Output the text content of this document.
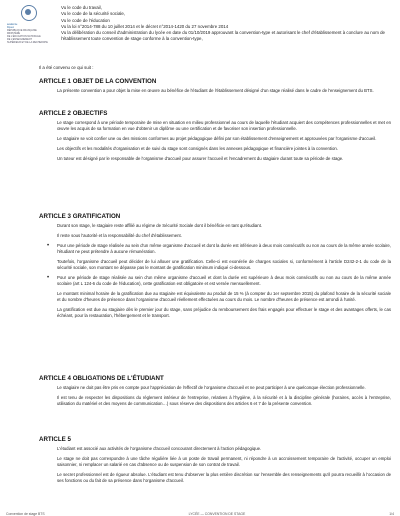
académie
Rouen
RÉPUBLIQUE FRANÇAISE
MINISTÈRE
DE L'ÉDUCATION NATIONALE
DE L'ENSEIGNEMENT
SUPÉRIEUR ET DE LA RECHERCHE

Vu le code du travail,

Vu le code de la sécurité sociale,

Vu le code de l'éducation

Vu la loi n°2014-788 du 10 juillet 2014 et le décret n°2014-1420 du 27 novembre 2014

Vu la délibération du conseil d'administration du lycée en date du 01/10/2019 approuvant la convention-type et autorisant le chef d'établissement à conclure au nom de l'établissement toute convention de stage conforme à la convention-type,

Il a été convenu ce qui suit :

ARTICLE 1 OBJET DE LA CONVENTION

La présente convention a pour objet la mise en œuvre au bénéfice de l'étudiant de l'établissement désigné d'un stage réalisé dans le cadre de l'enseignement du BTS.

ARTICLE 2 OBJECTIFS

Le stage correspond à une période temporaire de mise en situation en milieu professionnel au cours de laquelle l'étudiant acquiert des compétences professionnelles et met en œuvre les acquis de sa formation en vue d'obtenir un diplôme ou une certification et de favoriser son insertion professionnelle.

Le stagiaire se voit confier une ou des missions conformes au projet pédagogique défini par son établissement d'enseignement et approuvées par l'organisme d'accueil.

Les objectifs et les modalités d'organisation et de suivi du stage sont consignés dans les annexes pédagogique et financière jointes à la convention.

Un tuteur est désigné par le responsable de l'organisme d'accueil pour assurer l'accueil et l'encadrement du stagiaire durant toute sa période de stage.

ARTICLE 3 GRATIFICATION

Durant son stage, le stagiaire reste affilié au régime de Sécurité Sociale dont il bénéficie en tant qu'étudiant.

Il reste sous l'autorité et la responsabilité du chef d'établissement.

• Pour une période de stage réalisée au sein d'un même organisme d'accueil et dont la durée est inférieure à deux mois consécutifs ou non au cours de la même année scolaire, l'étudiant ne peut prétendre à aucune rémunération.

Toutefois, l'organisme d'accueil peut décider de lui allouer une gratification. Celle-ci est exonérée de charges sociales si, conformément à l'article D242-2-1 du code de la sécurité sociale, son montant ne dépasse pas le montant de gratification minimum indiqué ci-dessous.

• Pour une période de stage réalisée au sein d'un même organisme d'accueil et dont la durée est supérieure à deux mois consécutifs ou non au cours de la même année scolaire (art L 124-6 du code de l'éducation), cette gratification est obligatoire et est versée mensuellement.

Le montant minimal horaire de la gratification due au stagiaire est équivalente au produit de 15 % (à compter du 1er septembre 2015) du plafond horaire de la sécurité sociale et du nombre d'heures de présence dans l'organisme d'accueil réellement effectuées au cours du mois. Le nombre d'heures de présence est arrondi à l'unité.

La gratification est due au stagiaire dès le premier jour du stage, sans préjudice du remboursement des frais engagés pour effectuer le stage et des avantages offerts, le cas échéant, pour la restauration, l'hébergement et le transport.

ARTICLE 4 OBLIGATIONS DE L'ÉTUDIANT

Le stagiaire ne doit pas être pris en compte pour l'appréciation de l'effectif de l'organisme d'accueil et ne peut participer à une quelconque élection professionnelle.

Il est tenu de respecter les dispositions du règlement intérieur de l'entreprise, relatives à l'hygiène, à la sécurité et à la discipline générale (horaires, accès à l'entreprise, utilisation du matériel et des moyens de communication…) sous réserve des dispositions des articles 6 et 7 de la présente convention.

ARTICLE 5

L'étudiant est associé aux activités de l'organisme d'accueil concourant directement à l'action pédagogique.

Le stage ne doit pas correspondre à une tâche régulière liée à un poste de travail permanent, ni répondre à un accroissement temporaire de l'activité, occuper un emploi saisonnier, ni remplacer un salarié en cas d'absence ou de suspension de son contrat de travail.

Le secret professionnel est de rigueur absolue. L'étudiant est tenu d'observer la plus entière discrétion sur l'ensemble des renseignements qu'il pourra recueillir à l'occasion de ses fonctions ou du fait de sa présence dans l'organisme d'accueil.

Convention de stage BTS	LYCÉE — CONVENTION DE STAGE	1/4
